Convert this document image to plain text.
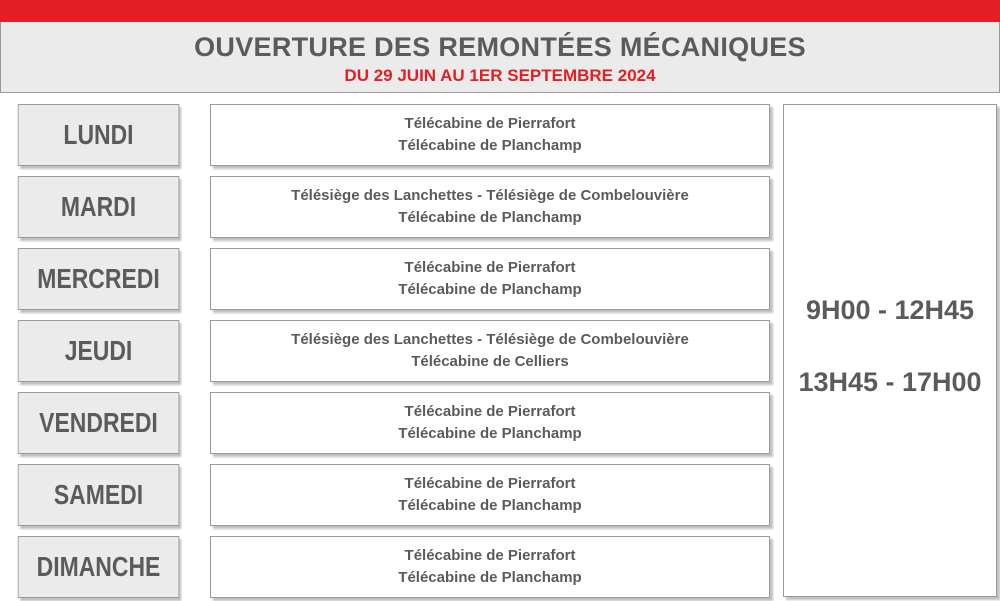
OUVERTURE DES REMONTÉES MÉCANIQUES
DU 29 JUIN AU 1ER SEPTEMBRE 2024
LUNDI
MARDI
MERCREDI
JEUDI
VENDREDI
SAMEDI
DIMANCHE
Télécabine de Pierrafort
Télécabine de Planchamp
Télésiège des Lanchettes - Télésiège de Combelouvière
Télécabine de Planchamp
Télécabine de Pierrafort
Télécabine de Planchamp
Télésiège des Lanchettes - Télésiège de Combelouvière
Télécabine de Celliers
Télécabine de Pierrafort
Télécabine de Planchamp
Télécabine de Pierrafort
Télécabine de Planchamp
Télécabine de Pierrafort
Télécabine de Planchamp
9H00 - 12H45
13H45 - 17H00
